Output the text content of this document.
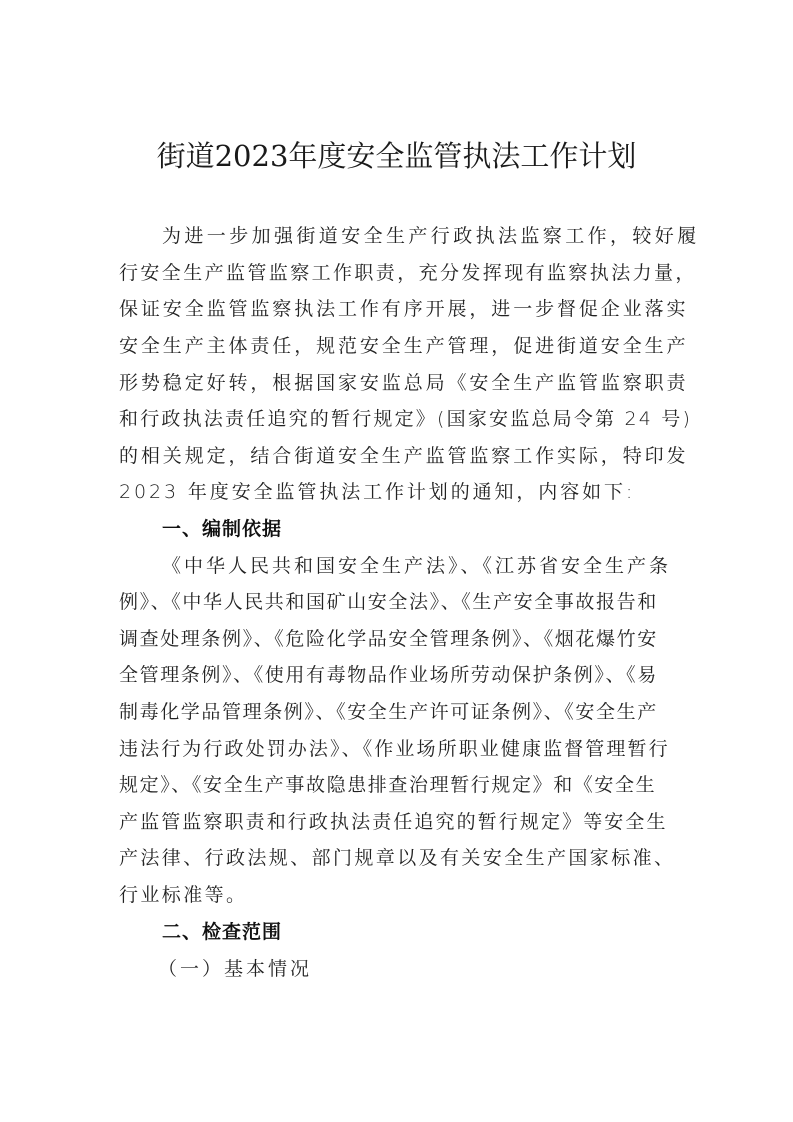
街道2023年度安全监管执法工作计划
为进一步加强街道安全生产行政执法监察工作，较好履
行安全生产监管监察工作职责，充分发挥现有监察执法力量，
保证安全监管监察执法工作有序开展，进一步督促企业落实
安全生产主体责任，规范安全生产管理，促进街道安全生产
形势稳定好转，根据国家安监总局《安全生产监管监察职责
和行政执法责任追究的暂行规定》(国家安监总局令第 24 号)
的相关规定，结合街道安全生产监管监察工作实际，特印发
2023 年度安全监管执法工作计划的通知，内容如下:
一、编制依据
《中华人民共和国安全生产法》、《江苏省安全生产条
例》、《中华人民共和国矿山安全法》、《生产安全事故报告和
调查处理条例》、《危险化学品安全管理条例》、《烟花爆竹安
全管理条例》、《使用有毒物品作业场所劳动保护条例》、《易
制毒化学品管理条例》、《安全生产许可证条例》、《安全生产
违法行为行政处罚办法》、《作业场所职业健康监督管理暂行
规定》、《安全生产事故隐患排查治理暂行规定》和《安全生
产监管监察职责和行政执法责任追究的暂行规定》等安全生
产法律、行政法规、部门规章以及有关安全生产国家标准、
行业标准等。
二、检查范围
（一）基本情况
